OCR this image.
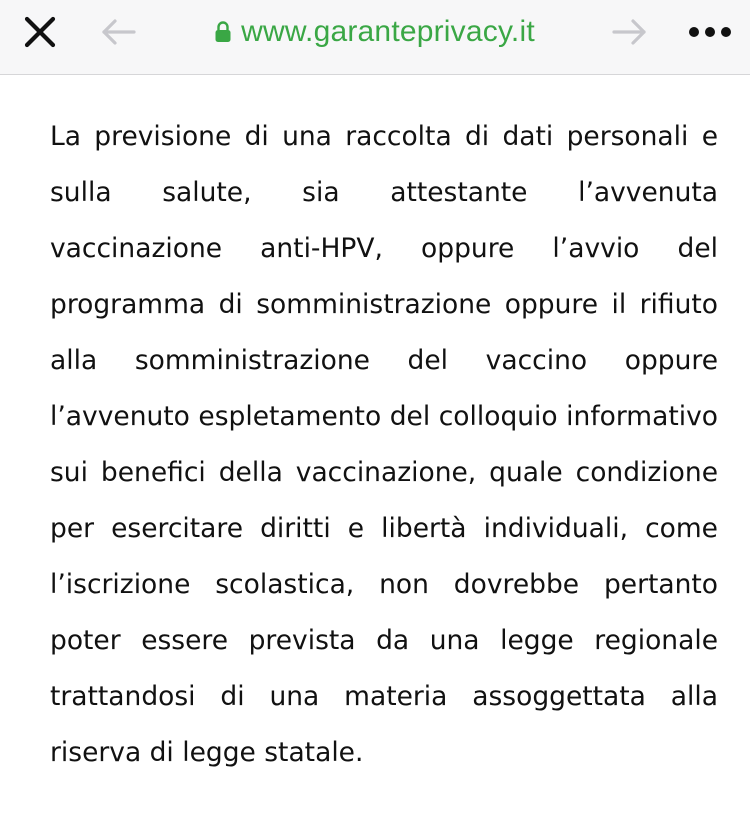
www.garanteprivacy.it

La previsione di una raccolta di dati personali e sulla salute, sia attestante l’avvenuta vaccinazione anti-HPV, oppure l’avvio del programma di somministrazione oppure il rifiuto alla somministrazione del vaccino oppure l’avvenuto espletamento del colloquio informativo sui benefici della vaccinazione, quale condizione per esercitare diritti e libertà individuali, come l’iscrizione scolastica, non dovrebbe pertanto poter essere prevista da una legge regionale trattandosi di una materia assoggettata alla riserva di legge statale.
